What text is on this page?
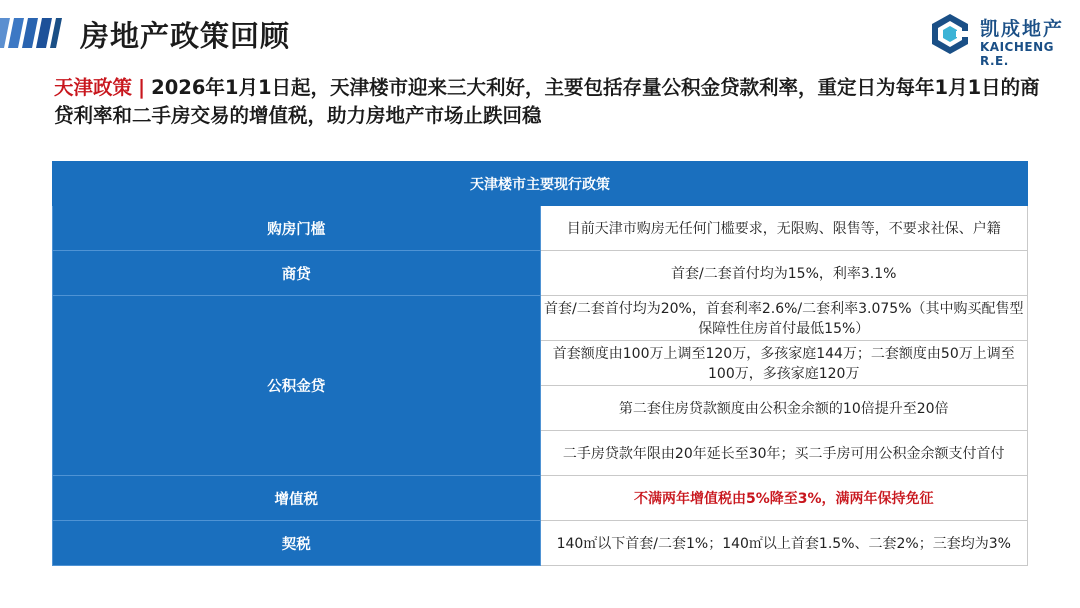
房地产政策回顾	凯成地产
KAICHENG R.E.
天津政策 | 2026年1月1日起，天津楼市迎来三大利好，主要包括存量公积金贷款利率，重定日为每年1月1日的商贷利率和二手房交易的增值税，助力房地产市场止跌回稳
天津楼市主要现行政策	
购房门槛	目前天津市购房无任何门槛要求，无限购、限售等，不要求社保、户籍
商贷	首套/二套首付均为15%，利率3.1%
公积金贷	首套/二套首付均为20%，首套利率2.6%/二套利率3.075%（其中购买配售型保障性住房首付最低15%）
	首套额度由100万上调至120万，多孩家庭144万；二套额度由50万上调至100万，多孩家庭120万
	第二套住房贷款额度由公积金余额的10倍提升至20倍
	二手房贷款年限由20年延长至30年；买二手房可用公积金余额支付首付
增值税	不满两年增值税由5%降至3%，满两年保持免征
契税	140㎡以下首套/二套1%；140㎡以上首套1.5%、二套2%；三套均为3%
